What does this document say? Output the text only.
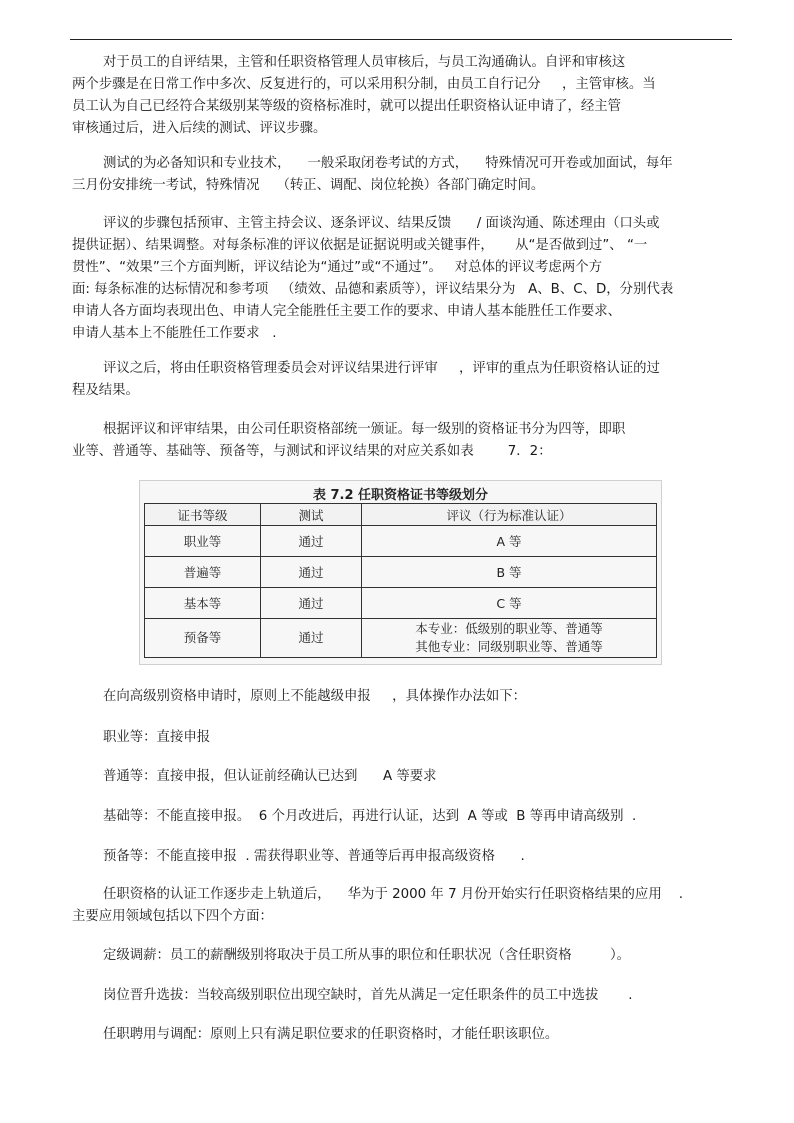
对于员工的自评结果，主管和任职资格管理人员审核后，与员工沟通确认。自评和审核这
两个步骤是在日常工作中多次、反复进行的，可以采用积分制，由员工自行记分     ，主管审核。当
员工认为自己已经符合某级别某等级的资格标准时，就可以提出任职资格认证申请了，经主管
审核通过后，进入后续的测试、评议步骤。

测试的为必备知识和专业技术，    一般采取闭卷考试的方式，    特殊情况可开卷或加面试，每年
三月份安排统一考试，特殊情况    （转正、调配、岗位轮换）各部门确定时间。

评议的步骤包括预审、主管主持会议、逐条评议、结果反馈      / 面谈沟通、陈述理由（口头或
提供证据）、结果调整。对每条标准的评议依据是证据说明或关键事件，     从“是否做到过”、 “一
贯性”、“效果”三个方面判断，评议结论为“通过”或“不通过”。   对总体的评议考虑两个方
面: 每条标准的达标情况和参考项   （绩效、品德和素质等），评议结果分为   A、B、C、D，分别代表
申请人各方面均表现出色、申请人完全能胜任主要工作的要求、申请人基本能胜任工作要求、
申请人基本上不能胜任工作要求   .

评议之后，将由任职资格管理委员会对评议结果进行评审     ，评审的重点为任职资格认证的过
程及结果。

根据评议和评审结果，由公司任职资格部统一颁证。每一级别的资格证书分为四等，即职
业等、普通等、基础等、预备等，与测试和评议结果的对应关系如表        7．2：

表 7.2 任职资格证书等级划分
证书等级	测试	评议（行为标准认证）
职业等	通过	A 等
普遍等	通过	B 等
基本等	通过	C 等
预备等	通过	本专业：低级别的职业等、普通等
其他专业：同级别职业等、普通等

在向高级别资格申请时，原则上不能越级申报     ，具体操作办法如下：

职业等：直接申报

普通等：直接申报，但认证前经确认已达到      A 等要求

基础等：不能直接申报。  6 个月改进后，再进行认证，达到  A 等或  B 等再申请高级别  .

预备等：不能直接申报  . 需获得职业等、普通等后再申报高级资格      .

任职资格的认证工作逐步走上轨道后，    华为于 2000 年 7 月份开始实行任职资格结果的应用    .
主要应用领域包括以下四个方面：

定级调薪：员工的薪酬级别将取决于员工所从事的职位和任职状况（含任职资格         ）。

岗位晋升选拔：当较高级别职位出现空缺时，首先从满足一定任职条件的员工中选拔       .

任职聘用与调配：原则上只有满足职位要求的任职资格时，才能任职该职位。
